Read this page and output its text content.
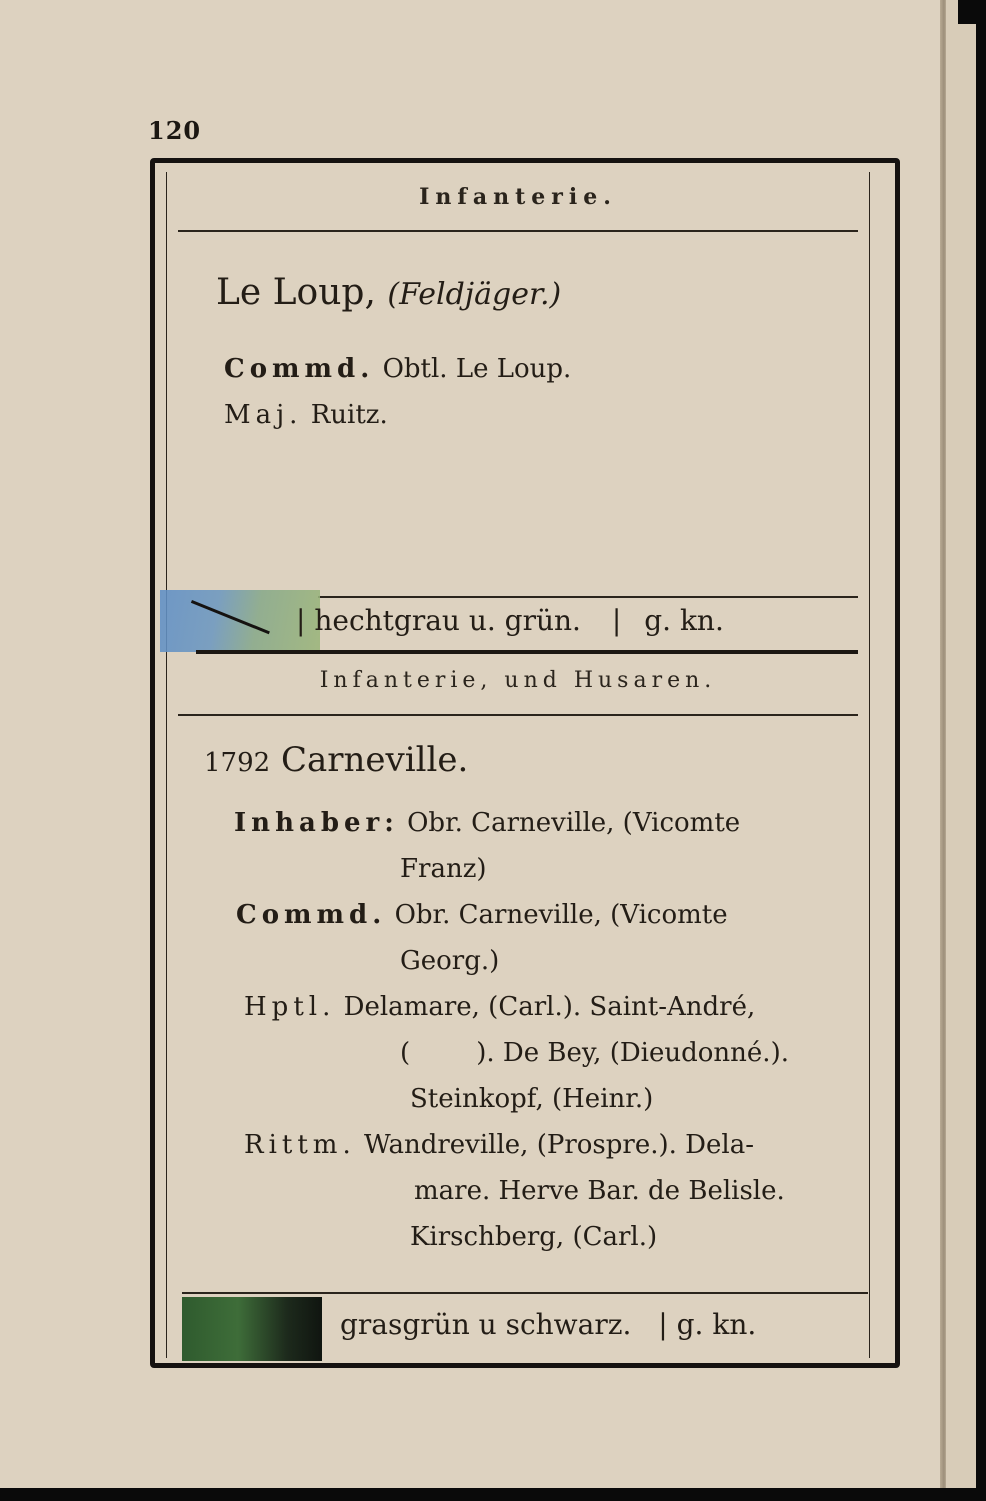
120
Infanterie.
Le Loup, (Feldjäger.)
Commd. Obtl. Le Loup.
Maj. Ruitz.
| hechtgrau u. grün. | g. kn.
Infanterie, und Husaren.
1792 Carneville.
Inhaber: Obr. Carneville, (Vicomte
Franz)
Commd. Obr. Carneville, (Vicomte
Georg.)
Hptl. Delamare, (Carl.). Saint-André,
(        ). De Bey, (Dieudonné.).
Steinkopf, (Heinr.)
Rittm. Wandreville, (Prospre.). Dela-
mare. Herve Bar. de Belisle.
Kirschberg, (Carl.)
grasgrün u schwarz. | g. kn.
